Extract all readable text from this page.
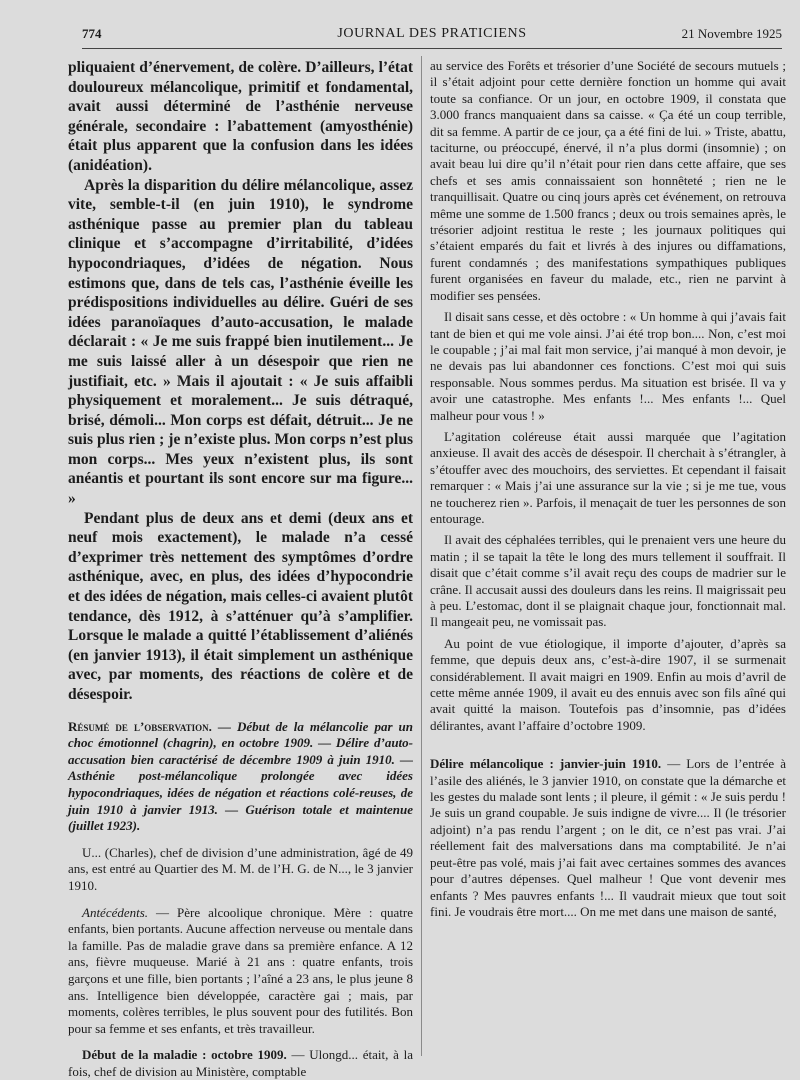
774	JOURNAL DES PRATICIENS	21 Novembre 1925

pliquaient d’énervement, de colère. D’ailleurs, l’état douloureux mélancolique, primitif et fondamental, avait aussi déterminé de l’asthénie nerveuse générale, secondaire : l’abattement (amyosthénie) était plus apparent que la confusion dans les idées (anidéation).

Après la disparition du délire mélancolique, assez vite, semble-t-il (en juin 1910), le syndrome asthénique passe au premier plan du tableau clinique et s’accompagne d’irritabilité, d’idées hypocondriaques, d’idées de négation. Nous estimons que, dans de tels cas, l’asthénie éveille les prédispositions individuelles au délire. Guéri de ses idées paranoïaques d’auto-accusation, le malade déclarait : « Je me suis frappé bien inutilement... Je me suis laissé aller à un désespoir que rien ne justifiait, etc. » Mais il ajoutait : « Je suis affaibli physiquement et moralement... Je suis détraqué, brisé, démoli... Mon corps est défait, détruit... Je ne suis plus rien ; je n’existe plus. Mon corps n’est plus mon corps... Mes yeux n’existent plus, ils sont anéantis et pourtant ils sont encore sur ma figure... »

Pendant plus de deux ans et demi (deux ans et neuf mois exactement), le malade n’a cessé d’exprimer très nettement des symptômes d’ordre asthénique, avec, en plus, des idées d’hypocondrie et des idées de négation, mais celles-ci avaient plutôt tendance, dès 1912, à s’atténuer qu’à s’amplifier. Lorsque le malade a quitté l’établissement d’aliénés (en janvier 1913), il était simplement un asthénique avec, par moments, des réactions de colère et de désespoir.

Résumé de l’observation. — Début de la mélancolie par un choc émotionnel (chagrin), en octobre 1909. — Délire d’auto-accusation bien caractérisé de décembre 1909 à juin 1910. — Asthénie post-mélancolique prolongée avec idées hypocondriaques, idées de négation et réactions colé-reuses, de juin 1910 à janvier 1913. — Guérison totale et maintenue (juillet 1923).

U... (Charles), chef de division d’une administration, âgé de 49 ans, est entré au Quartier des M. M. de l’H. G. de N..., le 3 janvier 1910.

Antécédents. — Père alcoolique chronique. Mère : quatre enfants, bien portants. Aucune affection nerveuse ou mentale dans la famille. Pas de maladie grave dans sa première enfance. A 12 ans, fièvre muqueuse. Marié à 21 ans : quatre enfants, trois garçons et une fille, bien portants ; l’aîné a 23 ans, le plus jeune 8 ans. Intelligence bien développée, caractère gai ; mais, par moments, colères terribles, le plus souvent pour des futilités. Bon pour sa femme et ses enfants, et très travailleur.

Début de la maladie : octobre 1909. — Ulongd... était, à la fois, chef de division au Ministère, comptable

au service des Forêts et trésorier d’une Société de secours mutuels ; il s’était adjoint pour cette dernière fonction un homme qui avait toute sa confiance. Or un jour, en octobre 1909, il constata que 3.000 francs manquaient dans sa caisse. « Ça été un coup terrible, dit sa femme. A partir de ce jour, ça a été fini de lui. » Triste, abattu, taciturne, ou préoccupé, énervé, il n’a plus dormi (insomnie) ; on avait beau lui dire qu’il n’était pour rien dans cette affaire, que ses chefs et ses amis connaissaient son honnêteté ; rien ne le tranquillisait. Quatre ou cinq jours après cet événement, on retrouva même une somme de 1.500 francs ; deux ou trois semaines après, le trésorier adjoint restitua le reste ; les journaux politiques qui s’étaient emparés du fait et livrés à des injures ou diffamations, furent condamnés ; des manifestations sympathiques publiques furent organisées en faveur du malade, etc., rien ne parvint à modifier ses pensées.

Il disait sans cesse, et dès octobre : « Un homme à qui j’avais fait tant de bien et qui me vole ainsi. J’ai été trop bon.... Non, c’est moi le coupable ; j’ai mal fait mon service, j’ai manqué à mon devoir, je ne devais pas lui abandonner ces fonctions. C’est moi qui suis responsable. Nous sommes perdus. Ma situation est brisée. Il va y avoir une catastrophe. Mes enfants !... Mes enfants !... Quel malheur pour vous ! »

L’agitation coléreuse était aussi marquée que l’agitation anxieuse. Il avait des accès de désespoir. Il cherchait à s’étrangler, à s’étouffer avec des mouchoirs, des serviettes. Et cependant il faisait remarquer : « Mais j’ai une assurance sur la vie ; si je me tue, vous ne toucherez rien ». Parfois, il menaçait de tuer les personnes de son entourage.

Il avait des céphalées terribles, qui le prenaient vers une heure du matin ; il se tapait la tête le long des murs tellement il souffrait. Il disait que c’était comme s’il avait reçu des coups de madrier sur le crâne. Il accusait aussi des douleurs dans les reins. Il maigrissait peu à peu. L’estomac, dont il se plaignait chaque jour, fonctionnait mal. Il mangeait peu, ne vomissait pas.

Au point de vue étiologique, il importe d’ajouter, d’après sa femme, que depuis deux ans, c’est-à-dire 1907, il se surmenait considérablement. Il avait maigri en 1909. Enfin au mois d’avril de cette même année 1909, il avait eu des ennuis avec son fils aîné qui avait quitté la maison. Toutefois pas d’insomnie, pas d’idées délirantes, avant l’affaire d’octobre 1909.

Délire mélancolique : janvier-juin 1910. — Lors de l’entrée à l’asile des aliénés, le 3 janvier 1910, on constate que la démarche et les gestes du malade sont lents ; il pleure, il gémit : « Je suis perdu ! Je suis un grand coupable. Je suis indigne de vivre.... Il (le trésorier adjoint) n’a pas rendu l’argent ; on le dit, ce n’est pas vrai. J’ai réellement fait des malversations dans ma comptabilité. Je n’ai peut-être pas volé, mais j’ai fait avec certaines sommes des avances pour d’autres dépenses. Quel malheur ! Que vont devenir mes enfants ? Mes pauvres enfants !... Il vaudrait mieux que tout soit fini. Je voudrais être mort.... On me met dans une maison de santé,
